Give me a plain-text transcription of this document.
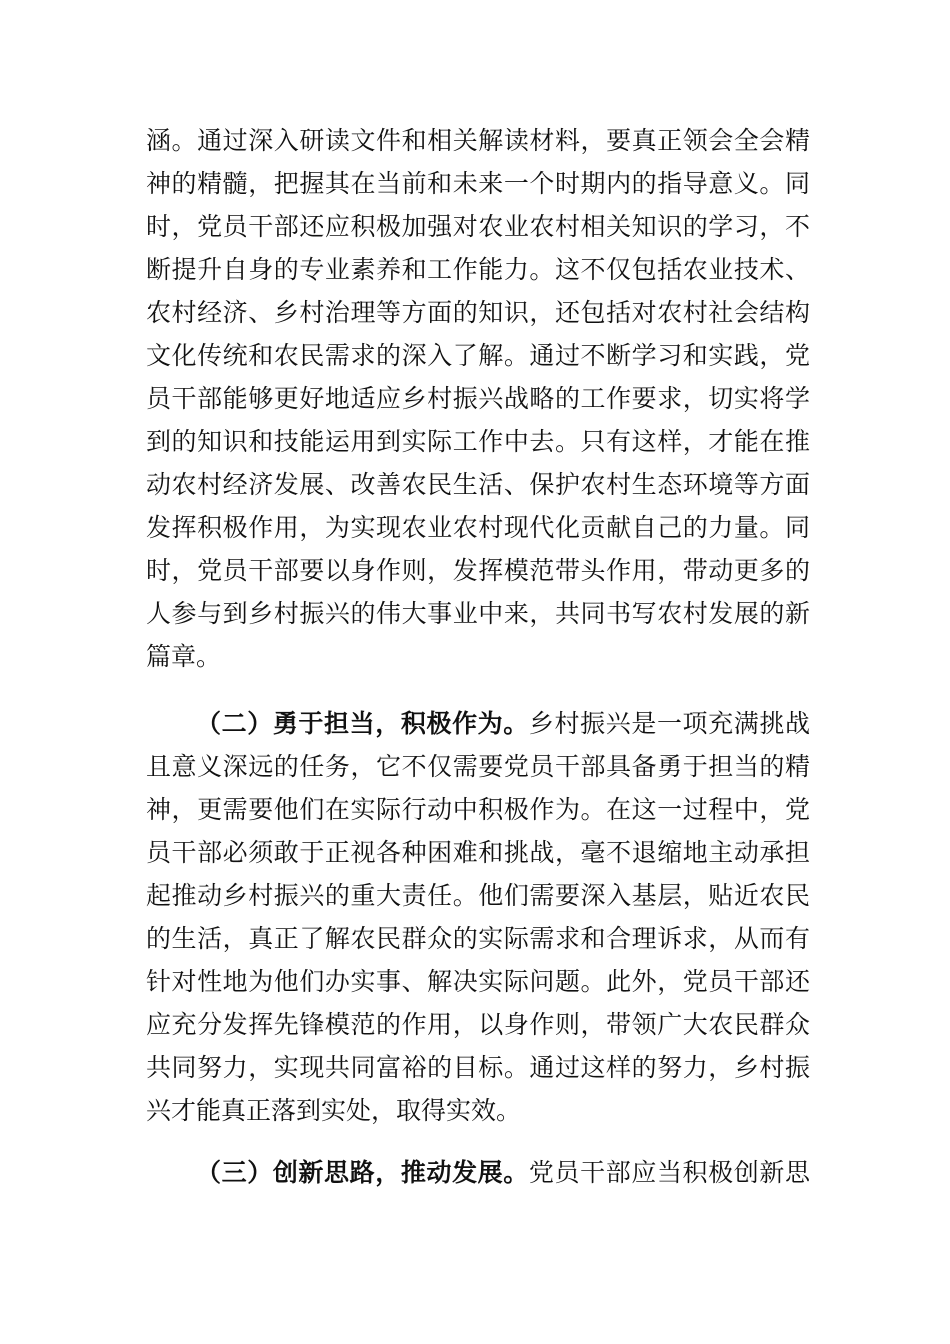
涵。通过深入研读文件和相关解读材料，要真正领会全会精
神的精髓，把握其在当前和未来一个时期内的指导意义。同
时，党员干部还应积极加强对农业农村相关知识的学习，不
断提升自身的专业素养和工作能力。这不仅包括农业技术、
农村经济、乡村治理等方面的知识，还包括对农村社会结构
文化传统和农民需求的深入了解。通过不断学习和实践，党
员干部能够更好地适应乡村振兴战略的工作要求，切实将学
到的知识和技能运用到实际工作中去。只有这样，才能在推
动农村经济发展、改善农民生活、保护农村生态环境等方面
发挥积极作用，为实现农业农村现代化贡献自己的力量。同
时，党员干部要以身作则，发挥模范带头作用，带动更多的
人参与到乡村振兴的伟大事业中来，共同书写农村发展的新
篇章。
（二）勇于担当，积极作为。乡村振兴是一项充满挑战
且意义深远的任务，它不仅需要党员干部具备勇于担当的精
神，更需要他们在实际行动中积极作为。在这一过程中，党
员干部必须敢于正视各种困难和挑战，毫不退缩地主动承担
起推动乡村振兴的重大责任。他们需要深入基层，贴近农民
的生活，真正了解农民群众的实际需求和合理诉求，从而有
针对性地为他们办实事、解决实际问题。此外，党员干部还
应充分发挥先锋模范的作用，以身作则，带领广大农民群众
共同努力，实现共同富裕的目标。通过这样的努力，乡村振
兴才能真正落到实处，取得实效。
（三）创新思路，推动发展。党员干部应当积极创新思
